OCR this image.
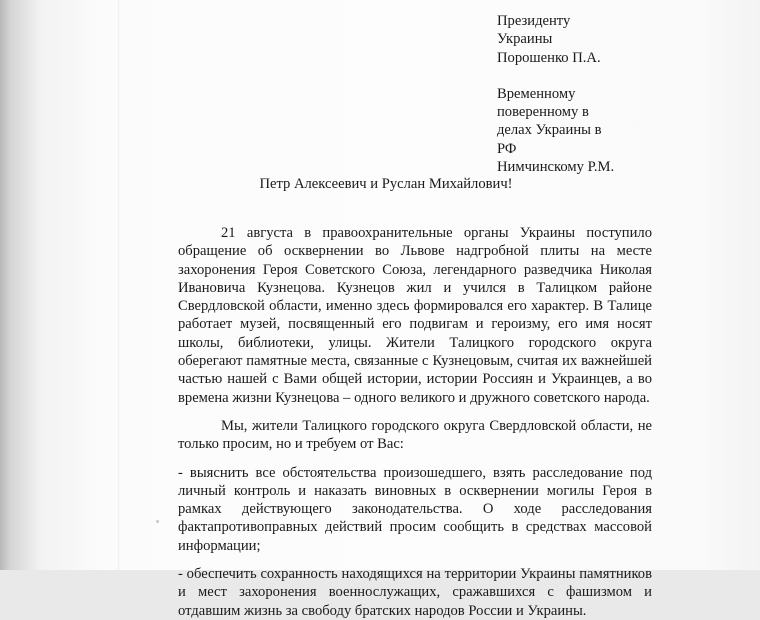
Президенту
Украины
Порошенко П.А.
Временному
поверенному в
делах Украины в
РФ
Нимчинскому Р.М.
Петр Алексеевич и Руслан Михайлович!

21 августа в правоохранительные органы Украины поступило обращение об осквернении во Львове надгробной плиты на месте захоронения Героя Советского Союза, легендарного разведчика Николая Ивановича Кузнецова. Кузнецов жил и учился в Талицком районе Свердловской области, именно здесь формировался его характер. В Талице работает музей, посвященный его подвигам и героизму, его имя носят школы, библиотеки, улицы. Жители Талицкого городского округа оберегают памятные места, связанные с Кузнецовым, считая их важнейшей частью нашей с Вами общей истории, истории Россиян и Украинцев, а во времена жизни Кузнецова – одного великого и дружного советского народа.

Мы, жители Талицкого городского округа Свердловской области, не только просим, но и требуем от Вас:

- выяснить все обстоятельства произошедшего, взять расследование под личный контроль и наказать виновных в осквернении могилы Героя в рамках действующего законодательства. О ходе расследования фактапротивоправных действий просим сообщить в средствах массовой информации;

- обеспечить сохранность находящихся на территории Украины памятников и мест захоронения военнослужащих, сражавшихся с фашизмом и отдавшим жизнь за свободу братских народов России и Украины.
